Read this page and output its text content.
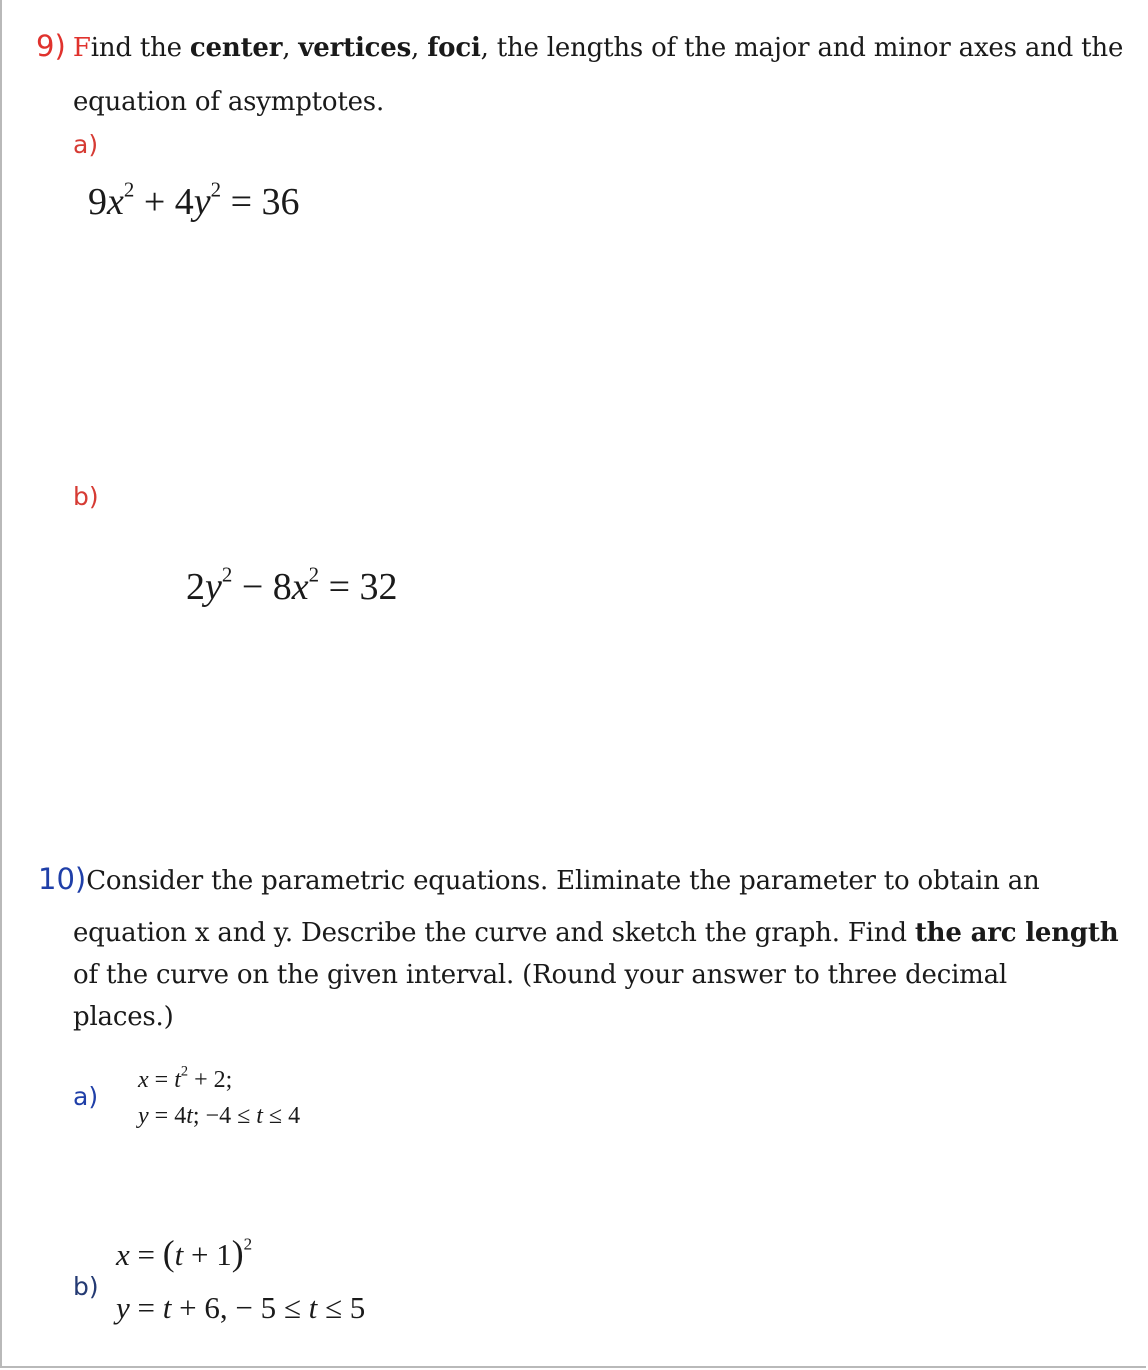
9) Find the center, vertices, foci, the lengths of the major and minor axes and the
equation of asymptotes.
a)
$9x^2 + 4y^2 = 36$
b)
$2y^2 - 8x^2 = 32$
10)Consider the parametric equations. Eliminate the parameter to obtain an
equation x and y. Describe the curve and sketch the graph. Find the arc length
of the curve on the given interval. (Round your answer to three decimal
places.)
a)
$x = t^2 + 2$;
y = 4t; −4 ≤ t ≤ 4
b)
$x = (t + 1)^2$
y = t + 6, − 5 ≤ t ≤ 5
